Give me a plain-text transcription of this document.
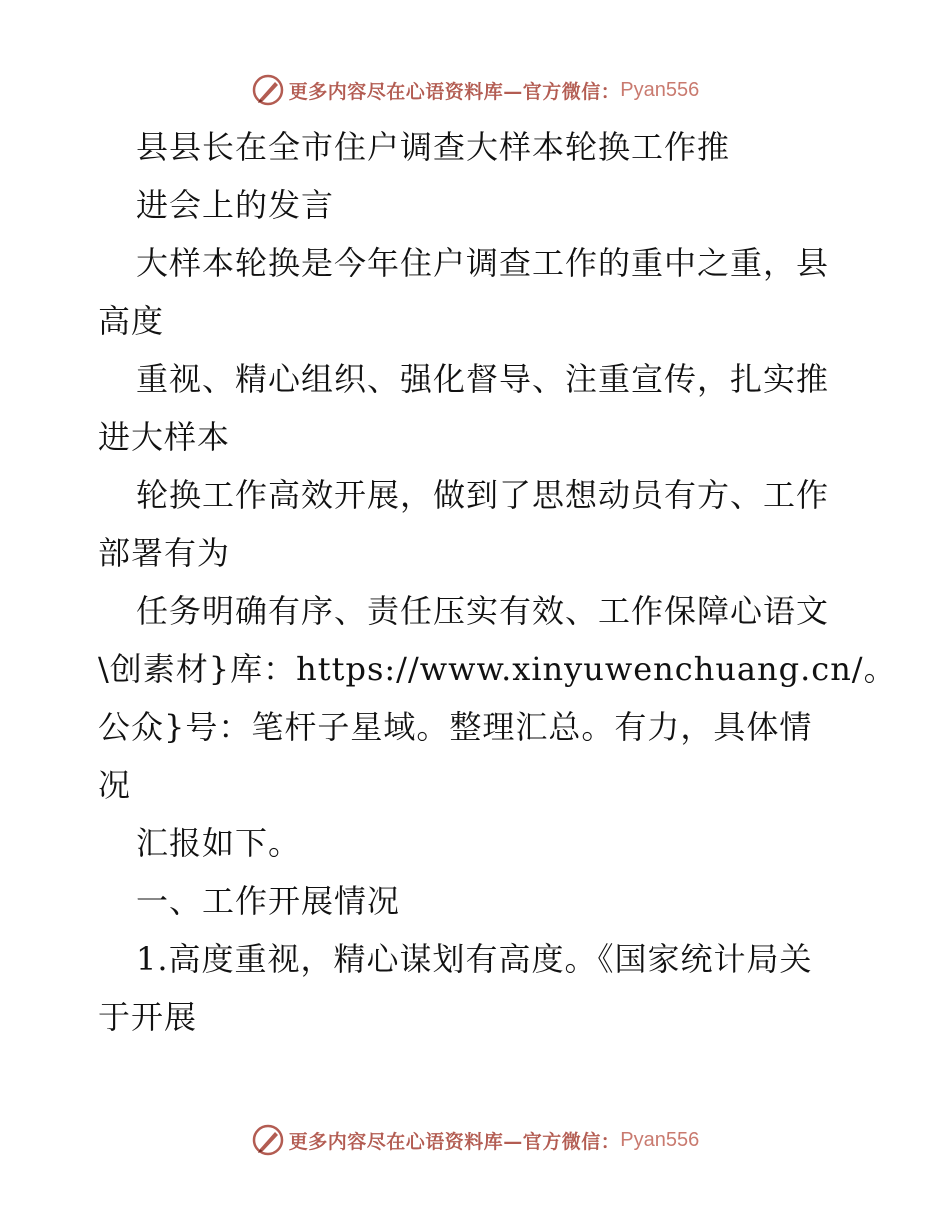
更多内容尽在心语资料库—官方微信： Pyan556
县县长在全市住户调查大样本轮换工作推
进会上的发言
大样本轮换是今年住户调查工作的重中之重，县
高度
重视、精心组织、强化督导、注重宣传，扎实推
进大样本
轮换工作高效开展，做到了思想动员有方、工作
部署有为
任务明确有序、责任压实有效、工作保障心语文
\创素材}库：https://www.xinyuwenchuang.cn/。
公众}号：笔杆子星域。整理汇总。有力，具体情
况
汇报如下。
一、工作开展情况
1.高度重视，精心谋划有高度。《国家统计局关
于开展
更多内容尽在心语资料库—官方微信： Pyan556
